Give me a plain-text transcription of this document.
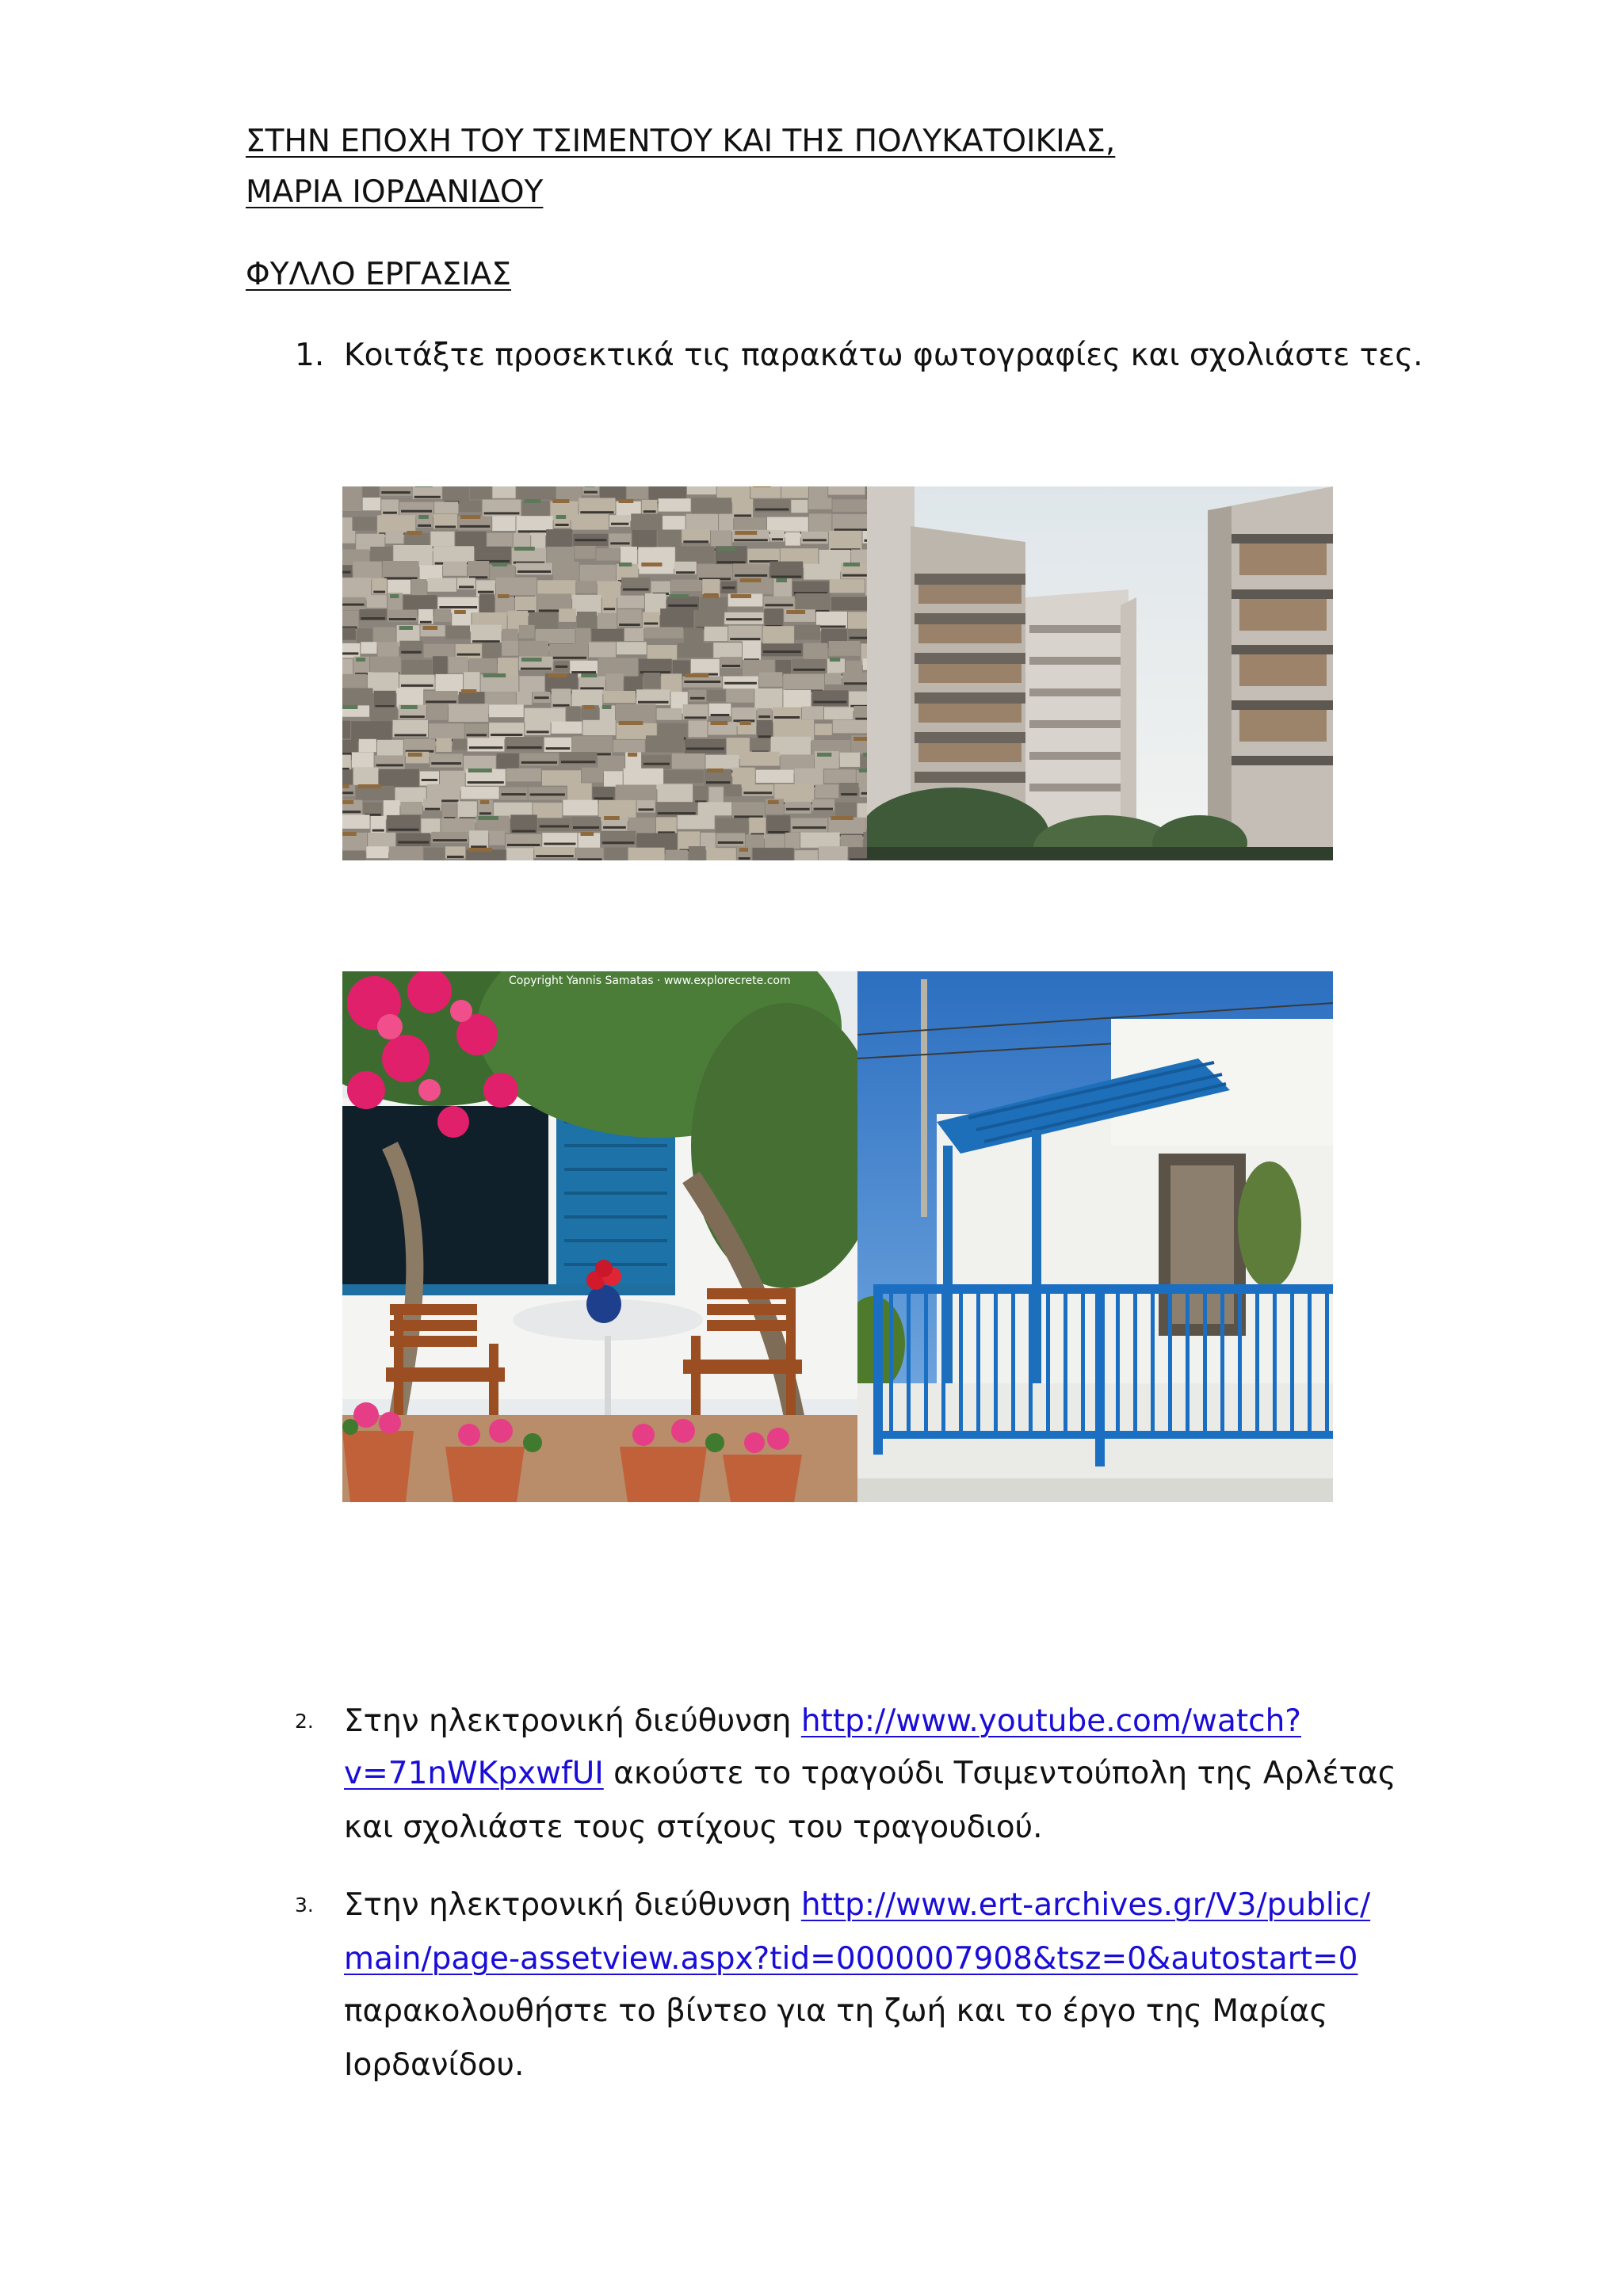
ΣΤΗΝ ΕΠΟΧΗ ΤΟΥ ΤΣΙΜΕΝΤΟΥ ΚΑΙ ΤΗΣ ΠΟΛΥΚΑΤΟΙΚΙΑΣ,
ΜΑΡΙΑ ΙΟΡΔΑΝΙΔΟΥ
ΦΥΛΛΟ ΕΡΓΑΣΙΑΣ
1. Κοιτάξτε προσεκτικά τις παρακάτω φωτογραφίες και σχολιάστε τες.
Copyright Yannis Samatas · www.explorecrete.com
2. Στην ηλεκτρονική διεύθυνση http://www.youtube.com/watch?
v=71nWKpxwfUI ακούστε το τραγούδι Τσιμεντούπολη της Αρλέτας
και σχολιάστε τους στίχους του τραγουδιού.
3. Στην ηλεκτρονική διεύθυνση http://www.ert-archives.gr/V3/public/
main/page-assetview.aspx?tid=0000007908&tsz=0&autostart=0
παρακολουθήστε το βίντεο για τη ζωή και το έργο της Μαρίας
Ιορδανίδου.
